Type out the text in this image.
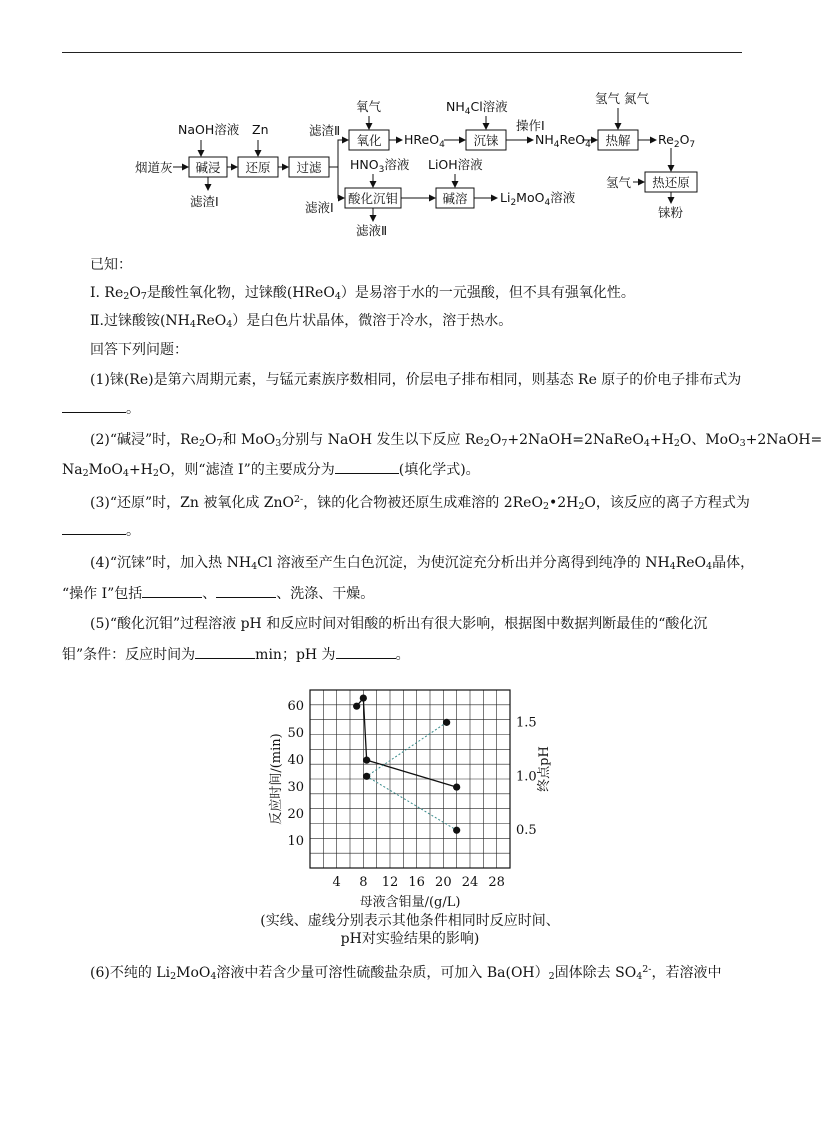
碱浸 还原 过滤
氧化	沉铼	热解
热还原
酸化沉钼	碱溶
烟道灰
NaOH溶液 Zn
滤渣Ⅰ
滤渣Ⅱ
滤液Ⅰ
氧气
HReO$_4$
$NH_4Cl$溶液
操作Ⅰ
$NH_4ReO_4$
氢气 氮气
$Re_2O_7$
氢气
铼粉
$HNO_3$溶液 LiOH溶液
$Li_2MoO_4$溶液
滤液Ⅱ
已知：
Ⅰ. $Re_2O_7$是酸性氧化物，过铼酸(HReO$_4$）是易溶于水的一元强酸，但不具有强氧化性。
Ⅱ.过铼酸铵$(NH_4ReO_4)$是白色片状晶体，微溶于冷水，溶于热水。
回答下列问题：
(1)铼(Re)是第六周期元素，与锰元素族序数相同，价层电子排布相同，则基态 Re 原子的价电子排布式为
。
(2)“碱浸”时，$Re_2O_7$和 MoO$_3$分别与 NaOH 发生以下反应 $Re_2O_7+2NaOH=2NaReO_4+H_2O$、MoO$_3$+2NaOH=
$Na_2MoO_4+H_2O$，则“滤渣 Ⅰ”的主要成分为	(填化学式)。
(3)“还原”时，Zn 被氧化成 ZnO$^{2-}$，铼的化合物被还原生成难溶的 $2ReO_2•2H_2O$，该反应的离子方程式为
。
(4)“沉铼”时，加入热 $NH_4Cl$ 溶液至产生白色沉淀，为使沉淀充分析出并分离得到纯净的 $NH_4ReO_4$晶体，
“操作 Ⅰ”包括	、	、洗涤、干燥。
(5)“酸化沉钼”过程溶液 pH 和反应时间对钼酸的析出有很大影响，根据图中数据判断最佳的“酸化沉
钼”条件：反应时间为	min；pH 为	。
4 8 12 16 20 24 28
10
20
30
40
50
60
0.5
1.0
1.5
母液含钼量/(g/L)
反应时间/(min)	终点pH
(实线、虚线分别表示其他条件相同时反应时间、
pH对实验结果的影响)
(6)不纯的 $Li_2MoO_4$溶液中若含少量可溶性硫酸盐杂质，可加入 $Ba(OH)_2$固体除去 $SO_4^{2-}$，若溶液中
